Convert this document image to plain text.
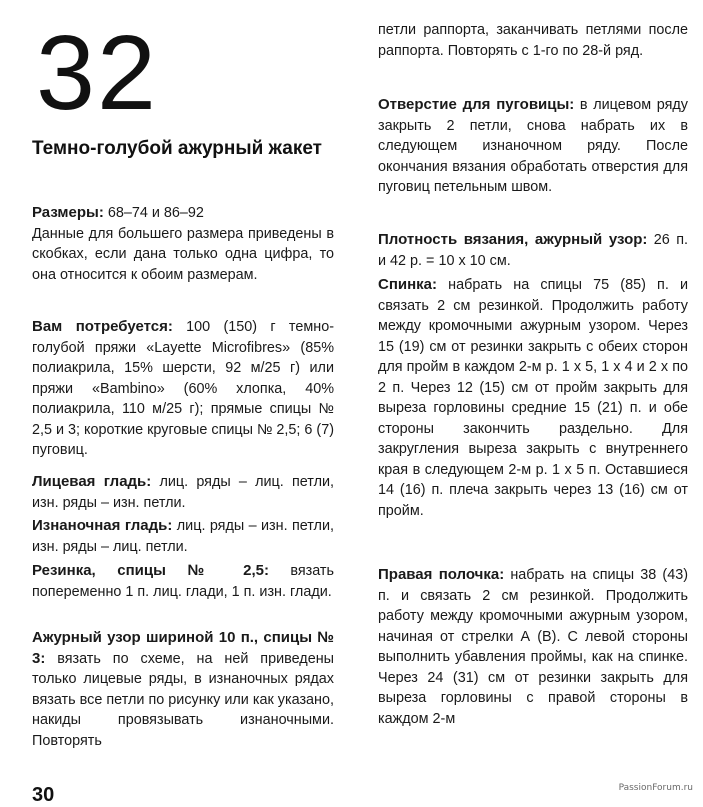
32
Темно-голубой ажурный жакет

Размеры: 68–74 и 86–92
Данные для большего размера приведены в скобках, если дана только одна цифра, то она относится к обоим размерам.

Вам потребуется: 100 (150) г темно-голубой пряжи «Layette Microfibres» (85% полиакрила, 15% шерсти, 92 м/25 г) или пряжи «Bambino» (60% хлопка, 40% полиакрила, 110 м/25 г); прямые спицы № 2,5 и 3; короткие круговые спицы № 2,5; 6 (7) пуговиц.

Лицевая гладь: лиц. ряды – лиц. петли, изн. ряды – изн. петли.

Изнаночная гладь: лиц. ряды – изн. петли, изн. ряды – лиц. петли.

Резинка, спицы № 2,5: вязать попеременно 1 п. лиц. глади, 1 п. изн. глади.

Ажурный узор шириной 10 п., спицы № 3: вязать по схеме, на ней приведены только лицевые ряды, в изнаночных рядах вязать все петли по рисунку или как указано, накиды провязывать изнаночными. Повторять

петли раппорта, заканчивать петлями после раппорта. Повторять с 1-го по 28-й ряд.

Отверстие для пуговицы: в лицевом ряду закрыть 2 петли, снова набрать их в следующем изнаночном ряду. После окончания вязания обработать отверстия для пуговиц петельным швом.

Плотность вязания, ажурный узор: 26 п. и 42 р. = 10 х 10 см.

Спинка: набрать на спицы 75 (85) п. и связать 2 см резинкой. Продолжить работу между кромочными ажурным узором. Через 15 (19) см от резинки закрыть с обеих сторон для пройм в каждом 2-м р. 1 х 5, 1 х 4 и 2 х по 2 п. Через 12 (15) см от пройм закрыть для выреза горловины средние 15 (21) п. и обе стороны закончить раздельно. Для закругления выреза закрыть с внутреннего края в следующем 2-м р. 1 х 5 п. Оставшиеся 14 (16) п. плеча закрыть через 13 (16) см от пройм.

Правая полочка: набрать на спицы 38 (43) п. и связать 2 см резинкой. Продолжить работу между кромочными ажурным узором, начиная от стрелки А (В). С левой стороны выполнить убавления проймы, как на спинке. Через 24 (31) см от резинки закрыть для выреза горловины с правой стороны в каждом 2-м

30	PassionForum.ru
